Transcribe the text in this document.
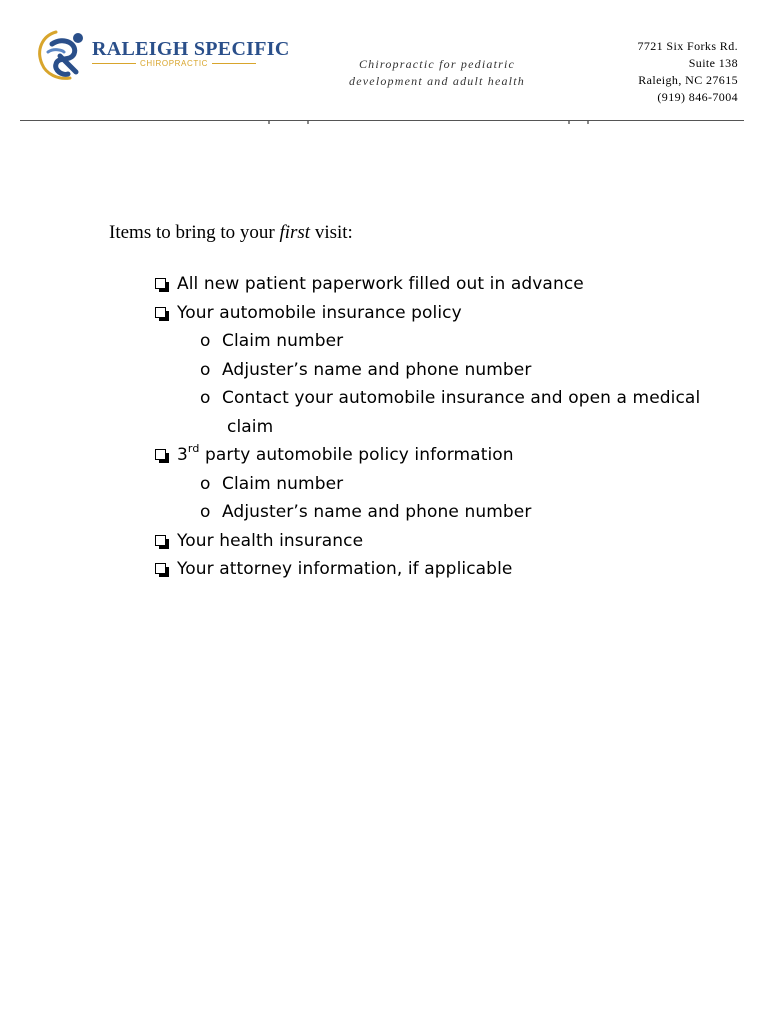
RALEIGH SPECIFIC
CHIROPRACTIC	Chiropractic for pediatric
development and adult health
7721 Six Forks Rd.
Suite 138
Raleigh, NC 27615
(919) 846-7004
Items to bring to your first visit:
All new patient paperwork filled out in advance
Your automobile insurance policy
o Claim number
o Adjuster’s name and phone number
o Contact your automobile insurance and open a medical
claim
3rd party automobile policy information
o Claim number
o Adjuster’s name and phone number
Your health insurance
Your attorney information, if applicable
